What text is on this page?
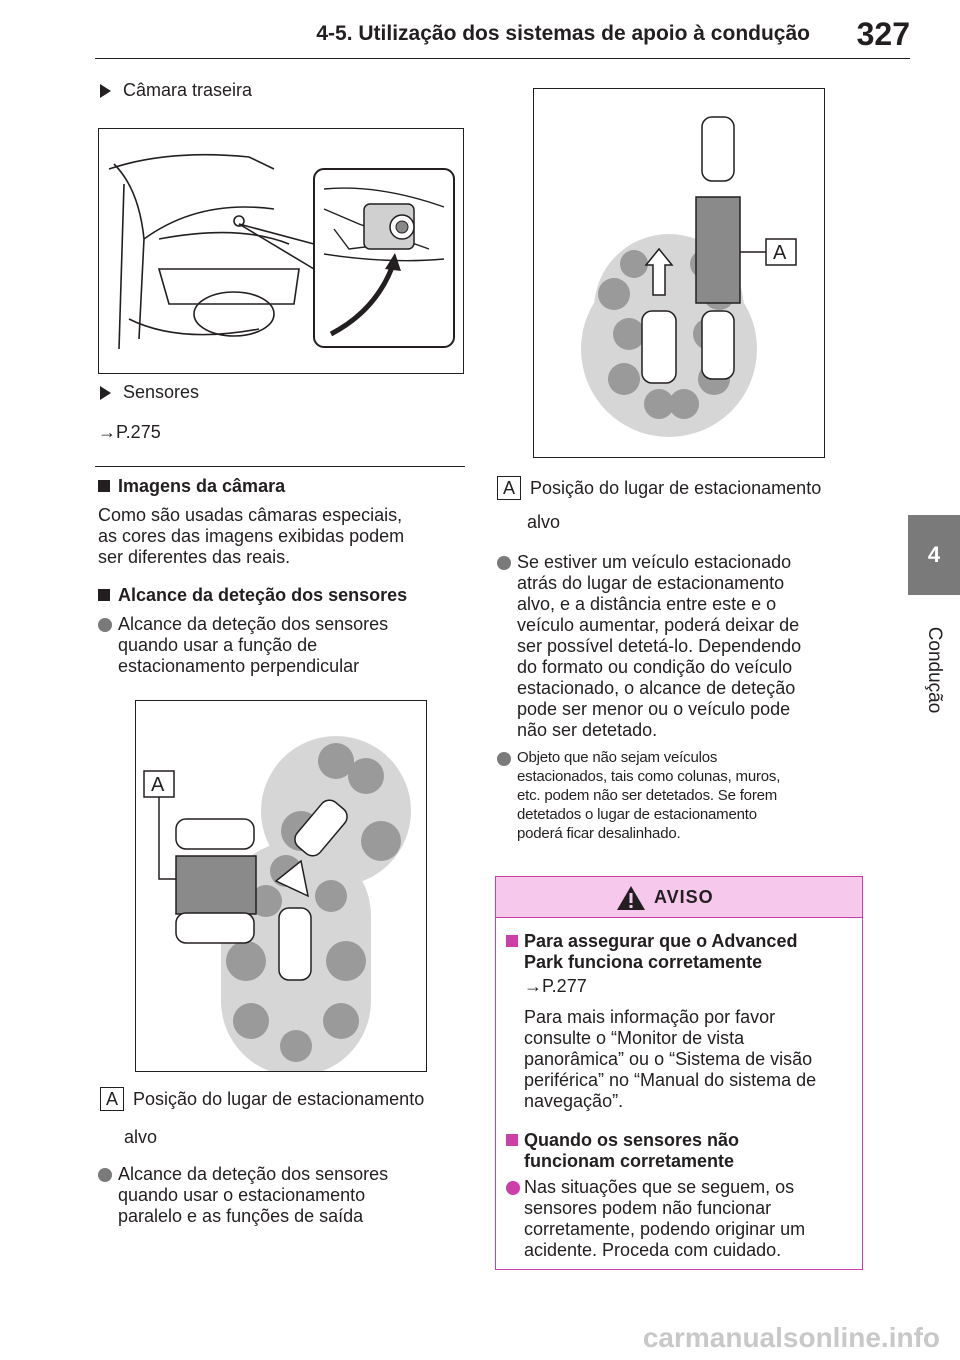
4-5. Utilização dos sistemas de apoio à condução	327
4
Condução
Câmara traseira
Sensores
→P.275
Imagens da câmara
Como são usadas câmaras especiais,
as cores das imagens exibidas podem
ser diferentes das reais.
Alcance da deteção dos sensores
Alcance da deteção dos sensores
quando usar a função de
estacionamento perpendicular
A
A Posição do lugar de estacionamento
alvo
Alcance da deteção dos sensores
quando usar o estacionamento
paralelo e as funções de saída
A
A Posição do lugar de estacionamento
alvo
Se estiver um veículo estacionado
atrás do lugar de estacionamento
alvo, e a distância entre este e o
veículo aumentar, poderá deixar de
ser possível detetá-lo. Dependendo
do formato ou condição do veículo
estacionado, o alcance de deteção
pode ser menor ou o veículo pode
não ser detetado.
Objeto que não sejam veículos
estacionados, tais como colunas, muros,
etc. podem não ser detetados. Se forem
detetados o lugar de estacionamento
poderá ficar desalinhado.
AVISO
Para assegurar que o Advanced
Park funciona corretamente
→P.277
Para mais informação por favor
consulte o “Monitor de vista
panorâmica” ou o “Sistema de visão
periférica” no “Manual do sistema de
navegação”.
Quando os sensores não
funcionam corretamente
Nas situações que se seguem, os
sensores podem não funcionar
corretamente, podendo originar um
acidente. Proceda com cuidado.
carmanualsonline.info
